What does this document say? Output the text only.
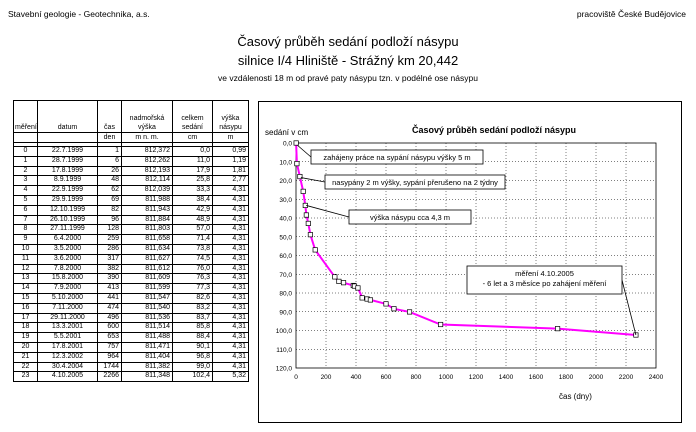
Stavební geologie - Geotechnika, a.s.	pracoviště České Budějovice
Časový průběh sedání podloží násypu
silnice I/4 Hliniště - Strážný km 20,442
ve vzdálenosti 18 m od pravé paty násypu tzn. v podélné ose násypu
měření	datum	čas	nadmořská výška	celkem sedání	výška násypu
		den	m n. m.	cm	m

0	22.7.1999	1	812,372	0,0	0,99
1	28.7.1999	6	812,262	11,0	1,19
2	17.8.1999	26	812,193	17,9	1,81
3	8.9.1999	48	812,114	25,8	2,77
4	22.9.1999	62	812,039	33,3	4,31
5	29.9.1999	69	811,988	38,4	4,31
6	12.10.1999	82	811,943	42,9	4,31
7	26.10.1999	96	811,884	48,9	4,31
8	27.11.1999	128	811,803	57,0	4,31
9	6.4.2000	259	811,658	71,4	4,31
10	3.5.2000	286	811,634	73,8	4,31
11	3.6.2000	317	811,627	74,5	4,31
12	7.8.2000	382	811,612	76,0	4,31
13	15.8.2000	390	811,609	76,3	4,31
14	7.9.2000	413	811,599	77,3	4,31
15	5.10.2000	441	811,547	82,6	4,31
16	7.11.2000	474	811,540	83,2	4,31
17	29.11.2000	496	811,536	83,7	4,31
18	13.3.2001	600	811,514	85,8	4,31
19	5.5.2001	653	811,488	88,4	4,31
20	17.8.2001	757	811,471	90,1	4,31
21	12.3.2002	964	811,404	96,8	4,31
22	30.4.2004	1744	811,382	99,0	4,31
23	4.10.2005	2266	811,348	102,4	5,32
Časový průběh sedání podloží násypu
sedání v cm
čas (dny)
0,0
10,0
20,0
30,0
40,0
50,0
60,0
70,0
80,0
90,0
100,0
110,0
120,0
0	200	400	600	800	1000 1200 1400 1600 1800 2000 2200 2400
zahájeny práce na sypání násypu výšky 5 m
nasypány 2 m výšky, sypání přerušeno na 2 týdny
výška násypu cca 4,3 m
měření 4.10.2005
- 6 let a 3 měsíce po zahájení měření
